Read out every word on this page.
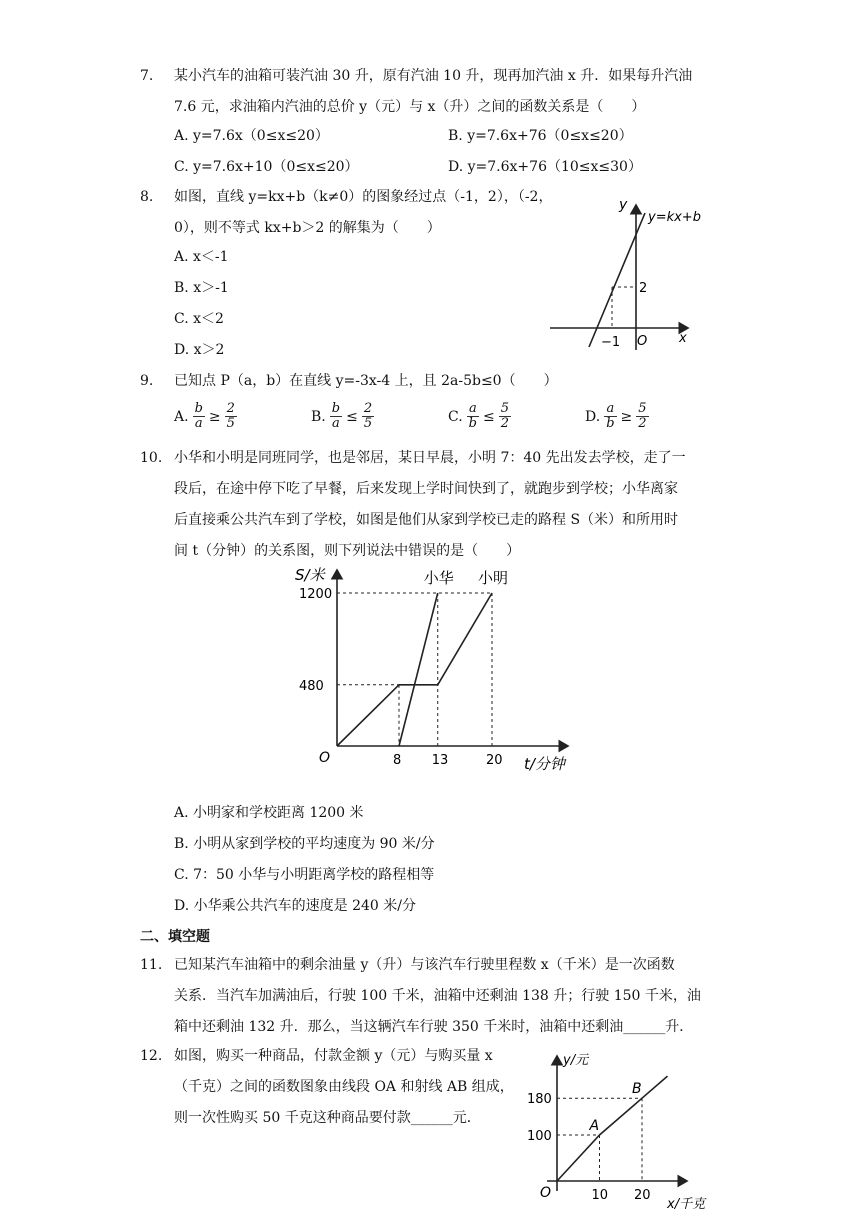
7.	某小汽车的油箱可装汽油 30 升，原有汽油 10 升，现再加汽油 x 升．如果每升汽油
7.6 元，求油箱内汽油的总价 y（元）与 x（升）之间的函数关系是（　　）
A. y=7.6x（0≤x≤20）	B. y=7.6x+76（0≤x≤20）
C. y=7.6x+10（0≤x≤20）	D. y=7.6x+76（10≤x≤30）
8.	如图，直线 y=kx+b（k≠0）的图象经过点（-1，2），（-2，
0），则不等式 kx+b＞2 的解集为（　　）
A. x＜-1
B. x＞-1
C. x＜2
D. x＞2
y
y=kx+b
2
−1 O x
9.	已知点 P（a，b）在直线 y=-3x-4 上，且 2a-5b≤0（　　）
A. $\frac{b}{a} \ge \frac{2}{5}$	B. $\frac{b}{a} \le \frac{2}{5}$	C. $\frac{a}{b} \le \frac{5}{2}$	D. $\frac{a}{b} \ge \frac{5}{2}$
10. 小华和小明是同班同学，也是邻居，某日早晨，小明 7：40 先出发去学校，走了一
段后，在途中停下吃了早餐，后来发现上学时间快到了，就跑步到学校；小华离家
后直接乘公共汽车到了学校，如图是他们从家到学校已走的路程 S（米）和所用时
间 t（分钟）的关系图，则下列说法中错误的是（　　）
小明
小华
8 13	20
480
1200
O
S/米
t/分钟
A. 小明家和学校距离 1200 米
B. 小明从家到学校的平均速度为 90 米/分
C. 7：50 小华与小明距离学校的路程相等
D. 小华乘公共汽车的速度是 240 米/分
二、填空题
11. 已知某汽车油箱中的剩余油量 y（升）与该汽车行驶里程数 x（千米）是一次函数
关系．当汽车加满油后，行驶 100 千米，油箱中还剩油 138 升；行驶 150 千米，油
箱中还剩油 132 升．那么，当这辆汽车行驶 350 千米时，油箱中还剩油______升．
12. 如图，购买一种商品，付款金额 y（元）与购买量 x
（千克）之间的函数图象由线段 OA 和射线 AB 组成，
则一次性购买 50 千克这种商品要付款______元．	A
B
10 20
100
180
O
y/元
x/千克
